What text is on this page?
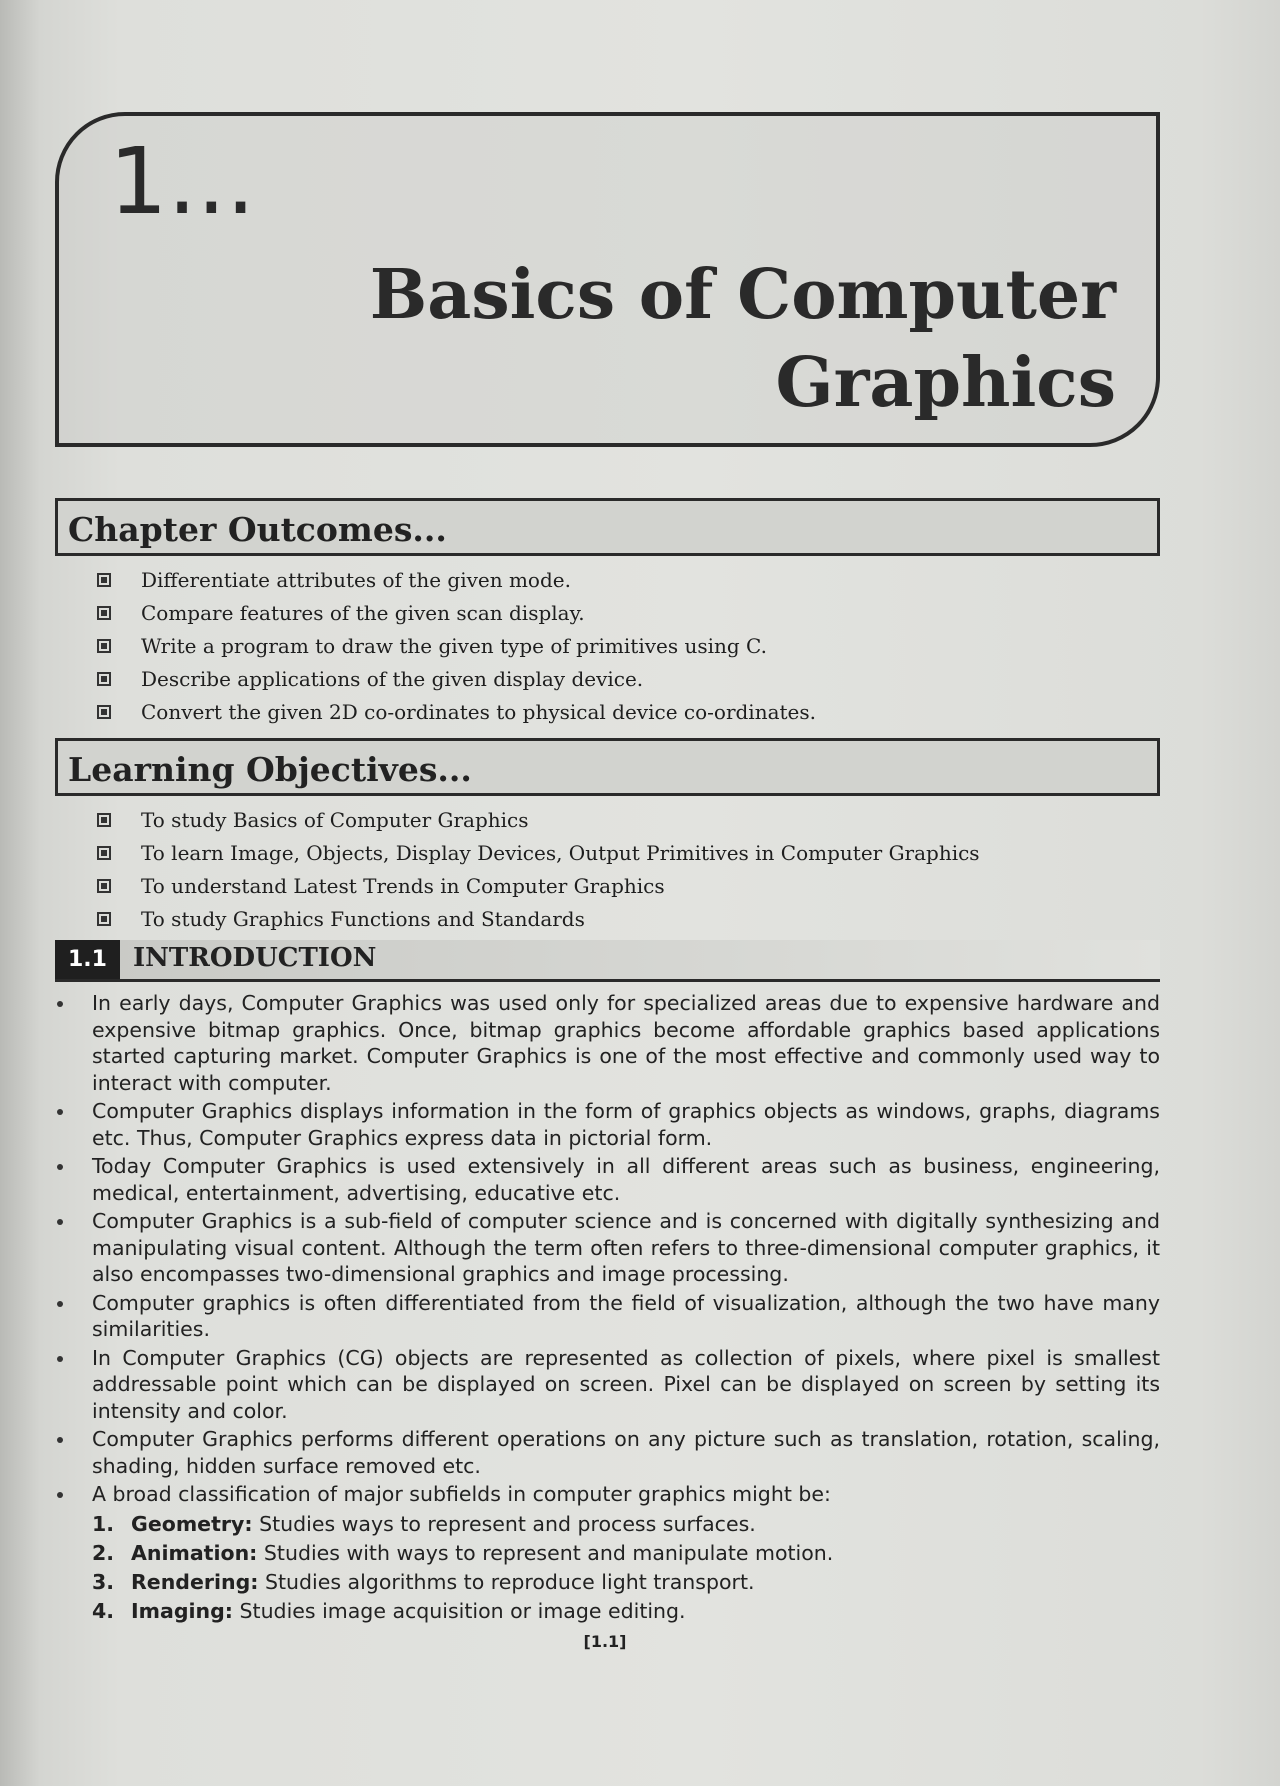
1...
Basics of Computer
Graphics
Chapter Outcomes...
Differentiate attributes of the given mode.
Compare features of the given scan display.
Write a program to draw the given type of primitives using C.
Describe applications of the given display device.
Convert the given 2D co-ordinates to physical device co-ordinates.
Learning Objectives...
To study Basics of Computer Graphics
To learn Image, Objects, Display Devices, Output Primitives in Computer Graphics
To understand Latest Trends in Computer Graphics
To study Graphics Functions and Standards
1.1	INTRODUCTION
In early days, Computer Graphics was used only for specialized areas due to expensive hardware and expensive bitmap graphics. Once, bitmap graphics become affordable graphics based applications started capturing market. Computer Graphics is one of the most effective and commonly used way to interact with computer.
Computer Graphics displays information in the form of graphics objects as windows, graphs, diagrams etc. Thus, Computer Graphics express data in pictorial form.
Today Computer Graphics is used extensively in all different areas such as business, engineering, medical, entertainment, advertising, educative etc.
Computer Graphics is a sub-field of computer science and is concerned with digitally synthesizing and manipulating visual content. Although the term often refers to three-dimensional computer graphics, it also encompasses two-dimensional graphics and image processing.
Computer graphics is often differentiated from the field of visualization, although the two have many similarities.
In Computer Graphics (CG) objects are represented as collection of pixels, where pixel is smallest addressable point which can be displayed on screen. Pixel can be displayed on screen by setting its intensity and color.
Computer Graphics performs different operations on any picture such as translation, rotation, scaling, shading, hidden surface removed etc.
A broad classification of major subfields in computer graphics might be:
1. Geometry: Studies ways to represent and process surfaces.
2. Animation: Studies with ways to represent and manipulate motion.
3. Rendering: Studies algorithms to reproduce light transport.
4. Imaging: Studies image acquisition or image editing.
[1.1]
